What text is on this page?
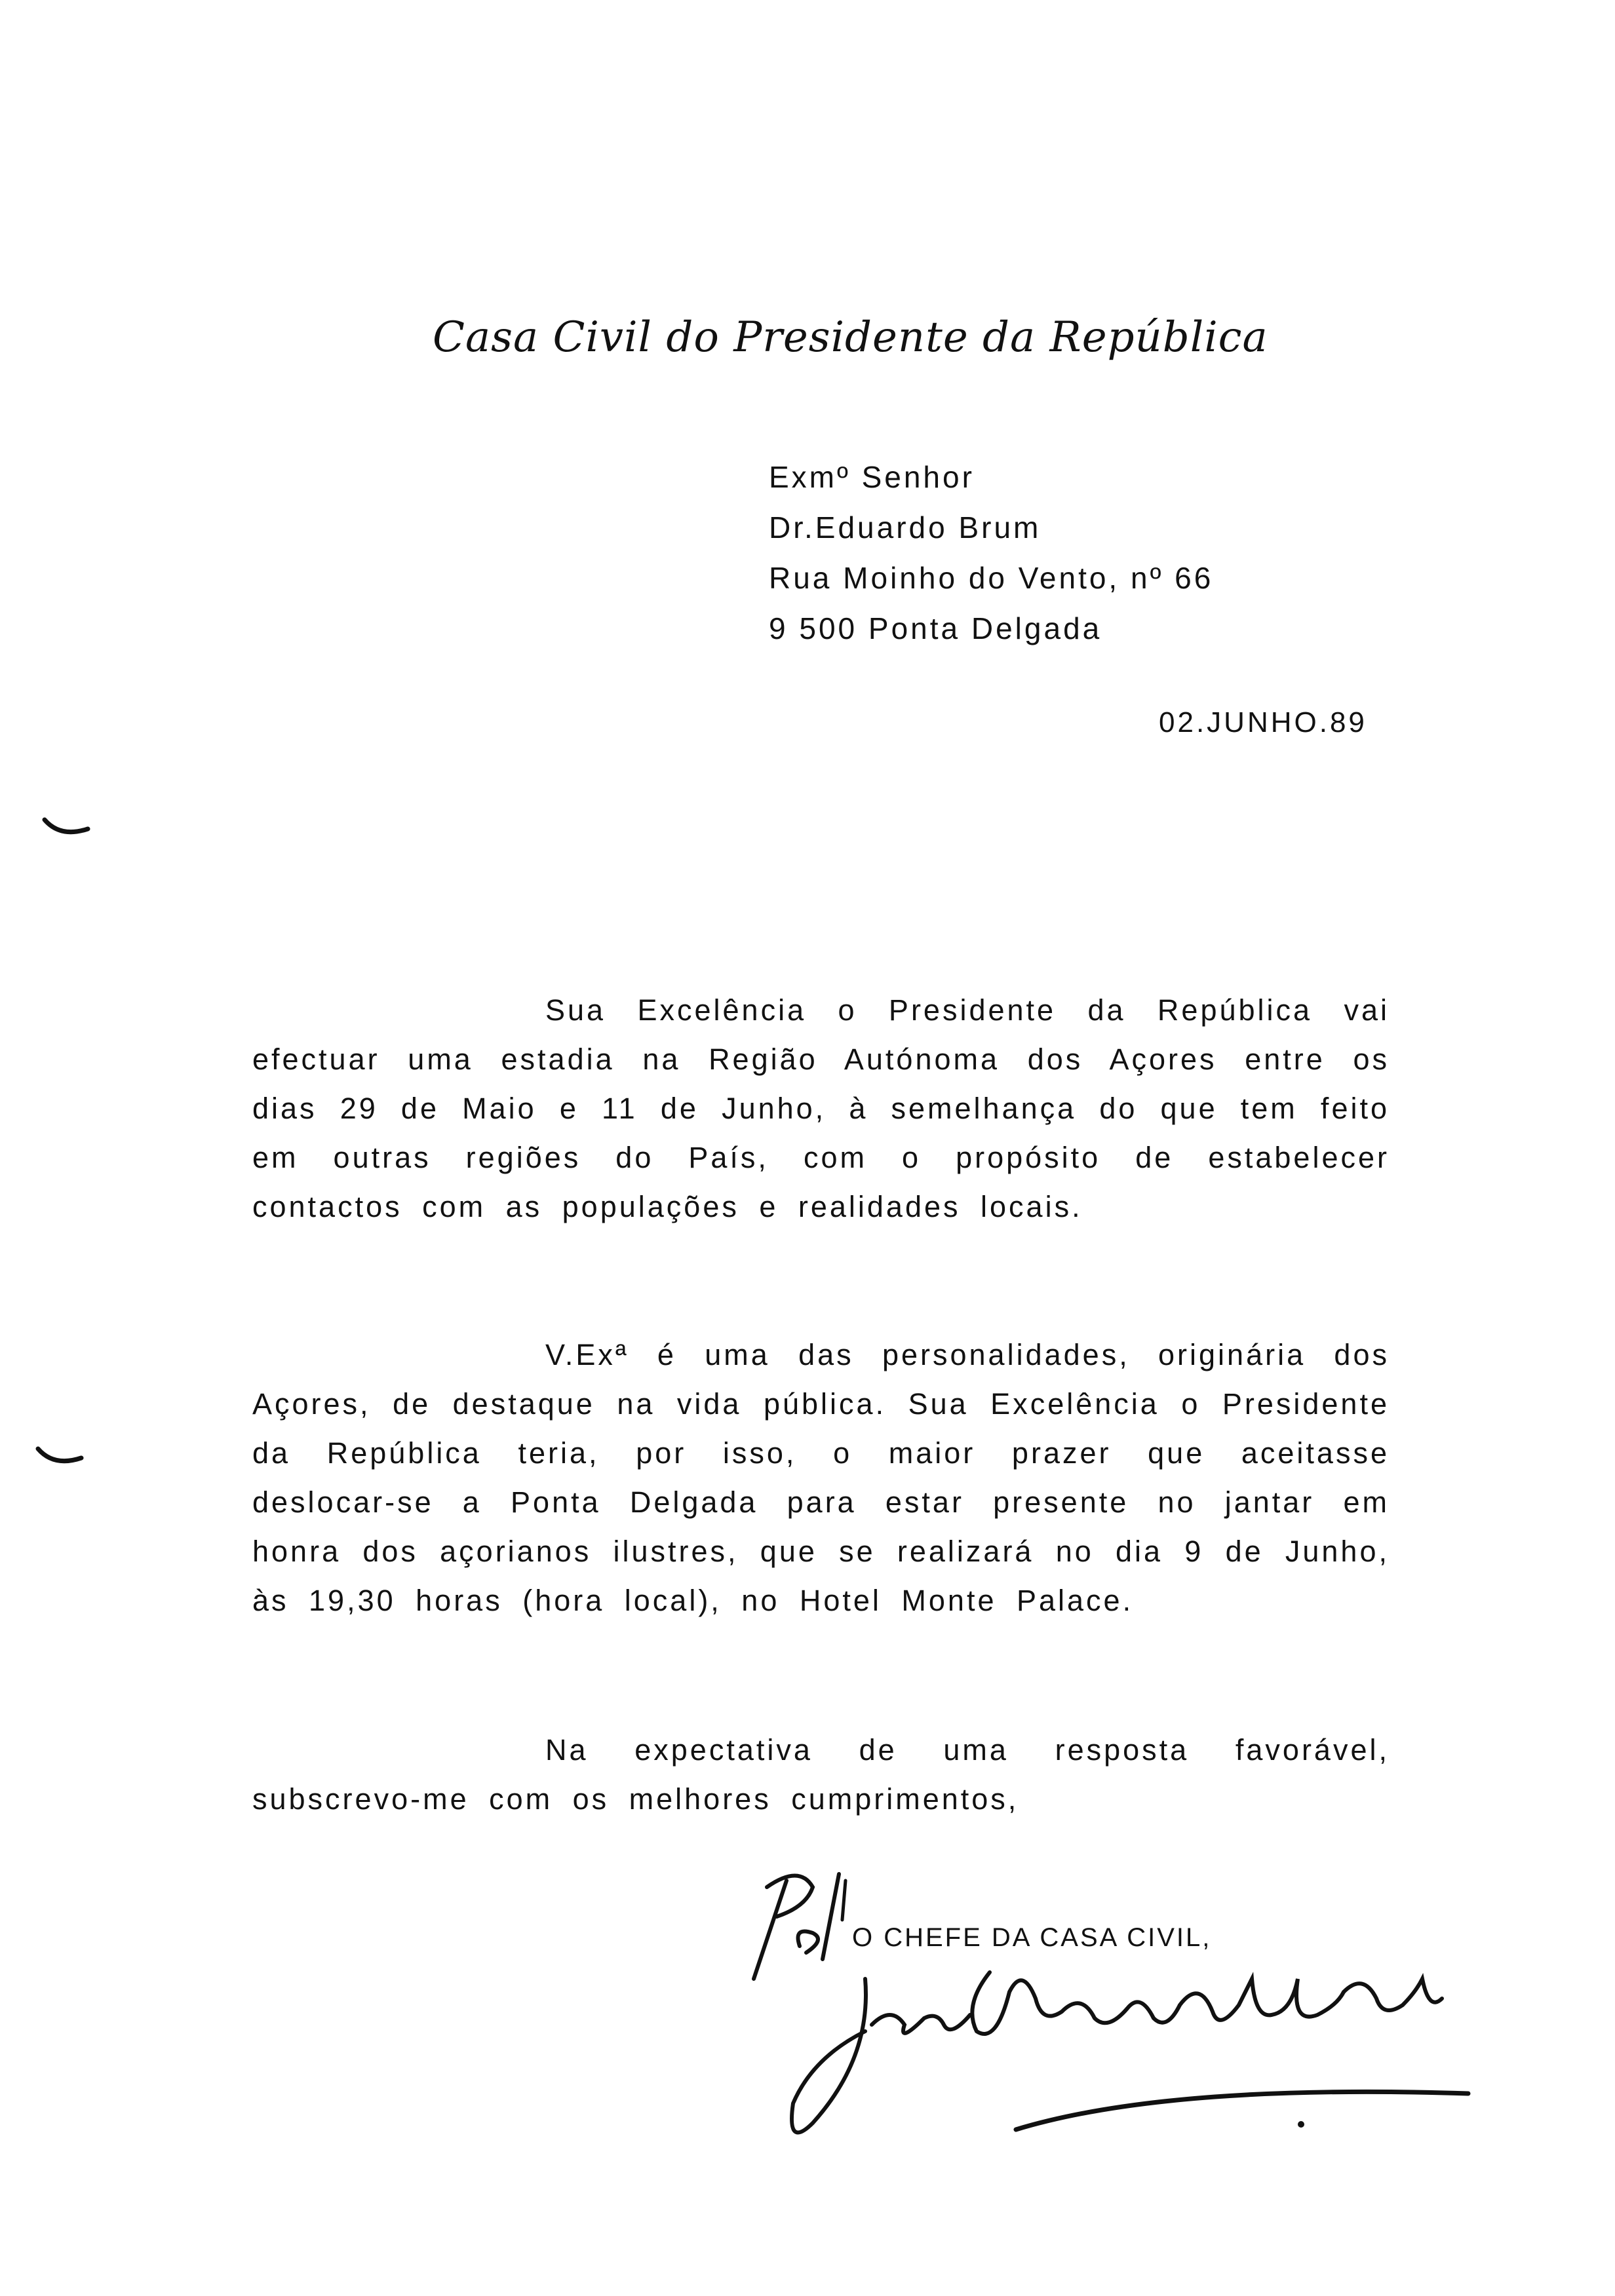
Casa Civil do Presidente da República
Exmº Senhor
Dr.Eduardo Brum
Rua Moinho do Vento, nº 66
9 500 Ponta Delgada
02.JUNHO.89
Sua Excelência o Presidente da República vai efectuar uma estadia na Região Autónoma dos Açores entre os dias 29 de Maio e 11 de Junho, à semelhança do que tem feito em outras regiões do País, com o propósito de estabelecer contactos com as populações e realidades locais.
V.Exª é uma das personalidades, originária dos Açores, de destaque na vida pública. Sua Excelência o Presidente da República teria, por isso, o maior prazer que aceitasse deslocar-se a Ponta Delgada para estar presente no jantar em honra dos açorianos ilustres, que se realizará no dia 9 de Junho, às 19,30 horas (hora local), no Hotel Monte Palace.
Na expectativa de uma resposta favorável, subscrevo-me com os melhores cumprimentos,
O CHEFE DA CASA CIVIL,
